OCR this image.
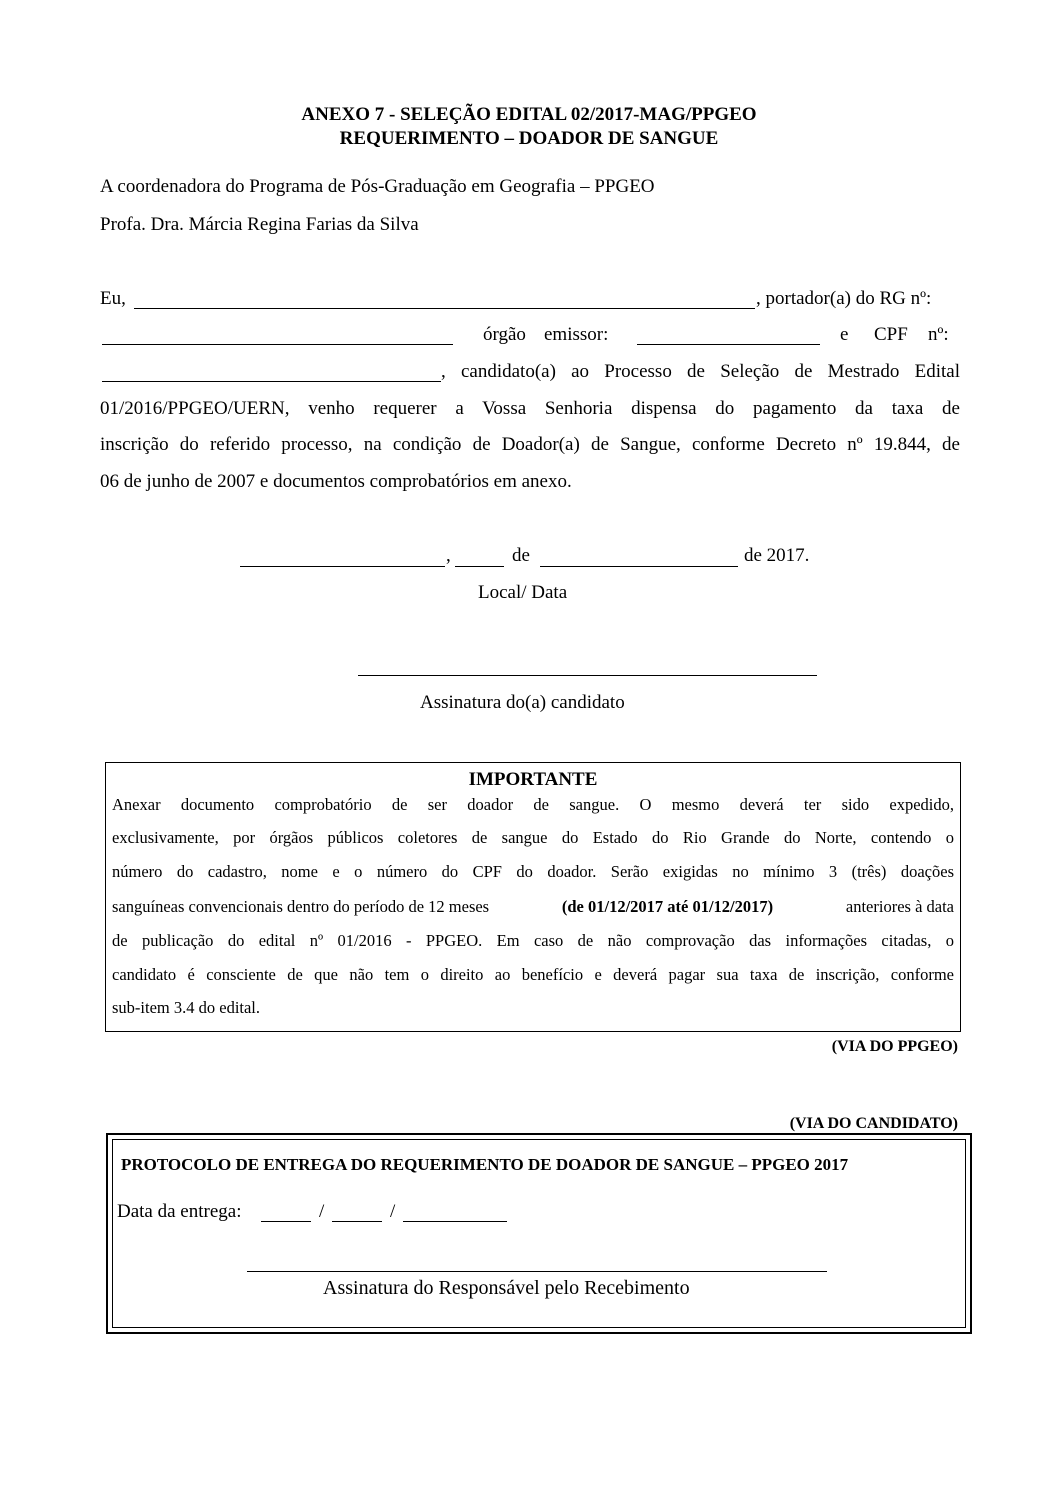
ANEXO 7 - SELEÇÃO EDITAL 02/2017-MAG/PPGEO
REQUERIMENTO – DOADOR DE SANGUE
A coordenadora do Programa de Pós-Graduação em Geografia – PPGEO
Profa. Dra. Márcia Regina Farias da Silva
Eu,	, portador(a) do RG nº:
órgão emissor:	e CPF nº:
, candidato(a) ao Processo de Seleção de Mestrado Edital
01/2016/PPGEO/UERN, venho requerer a Vossa Senhoria dispensa do pagamento da taxa de
inscrição do referido processo, na condição de Doador(a) de Sangue, conforme Decreto nº 19.844, de
06 de junho de 2007 e documentos comprobatórios em anexo.
,	de	de 2017.
Local/ Data
Assinatura do(a) candidato
IMPORTANTE
Anexar documento comprobatório de ser doador de sangue. O mesmo deverá ter sido expedido,
exclusivamente, por órgãos públicos coletores de sangue do Estado do Rio Grande do Norte, contendo o
número do cadastro, nome e o número do CPF do doador. Serão exigidas no mínimo 3 (três) doações
sanguíneas convencionais dentro do período de 12 meses	(de 01/12/2017 até 01/12/2017)	anteriores à data
de publicação do edital nº 01/2016 - PPGEO. Em caso de não comprovação das informações citadas, o
candidato é consciente de que não tem o direito ao benefício e deverá pagar sua taxa de inscrição, conforme
sub-item 3.4 do edital.
(VIA DO PPGEO)
(VIA DO CANDIDATO)
PROTOCOLO DE ENTREGA DO REQUERIMENTO DE DOADOR DE SANGUE – PPGEO 2017
Data da entrega:	/	/
Assinatura do Responsável pelo Recebimento
